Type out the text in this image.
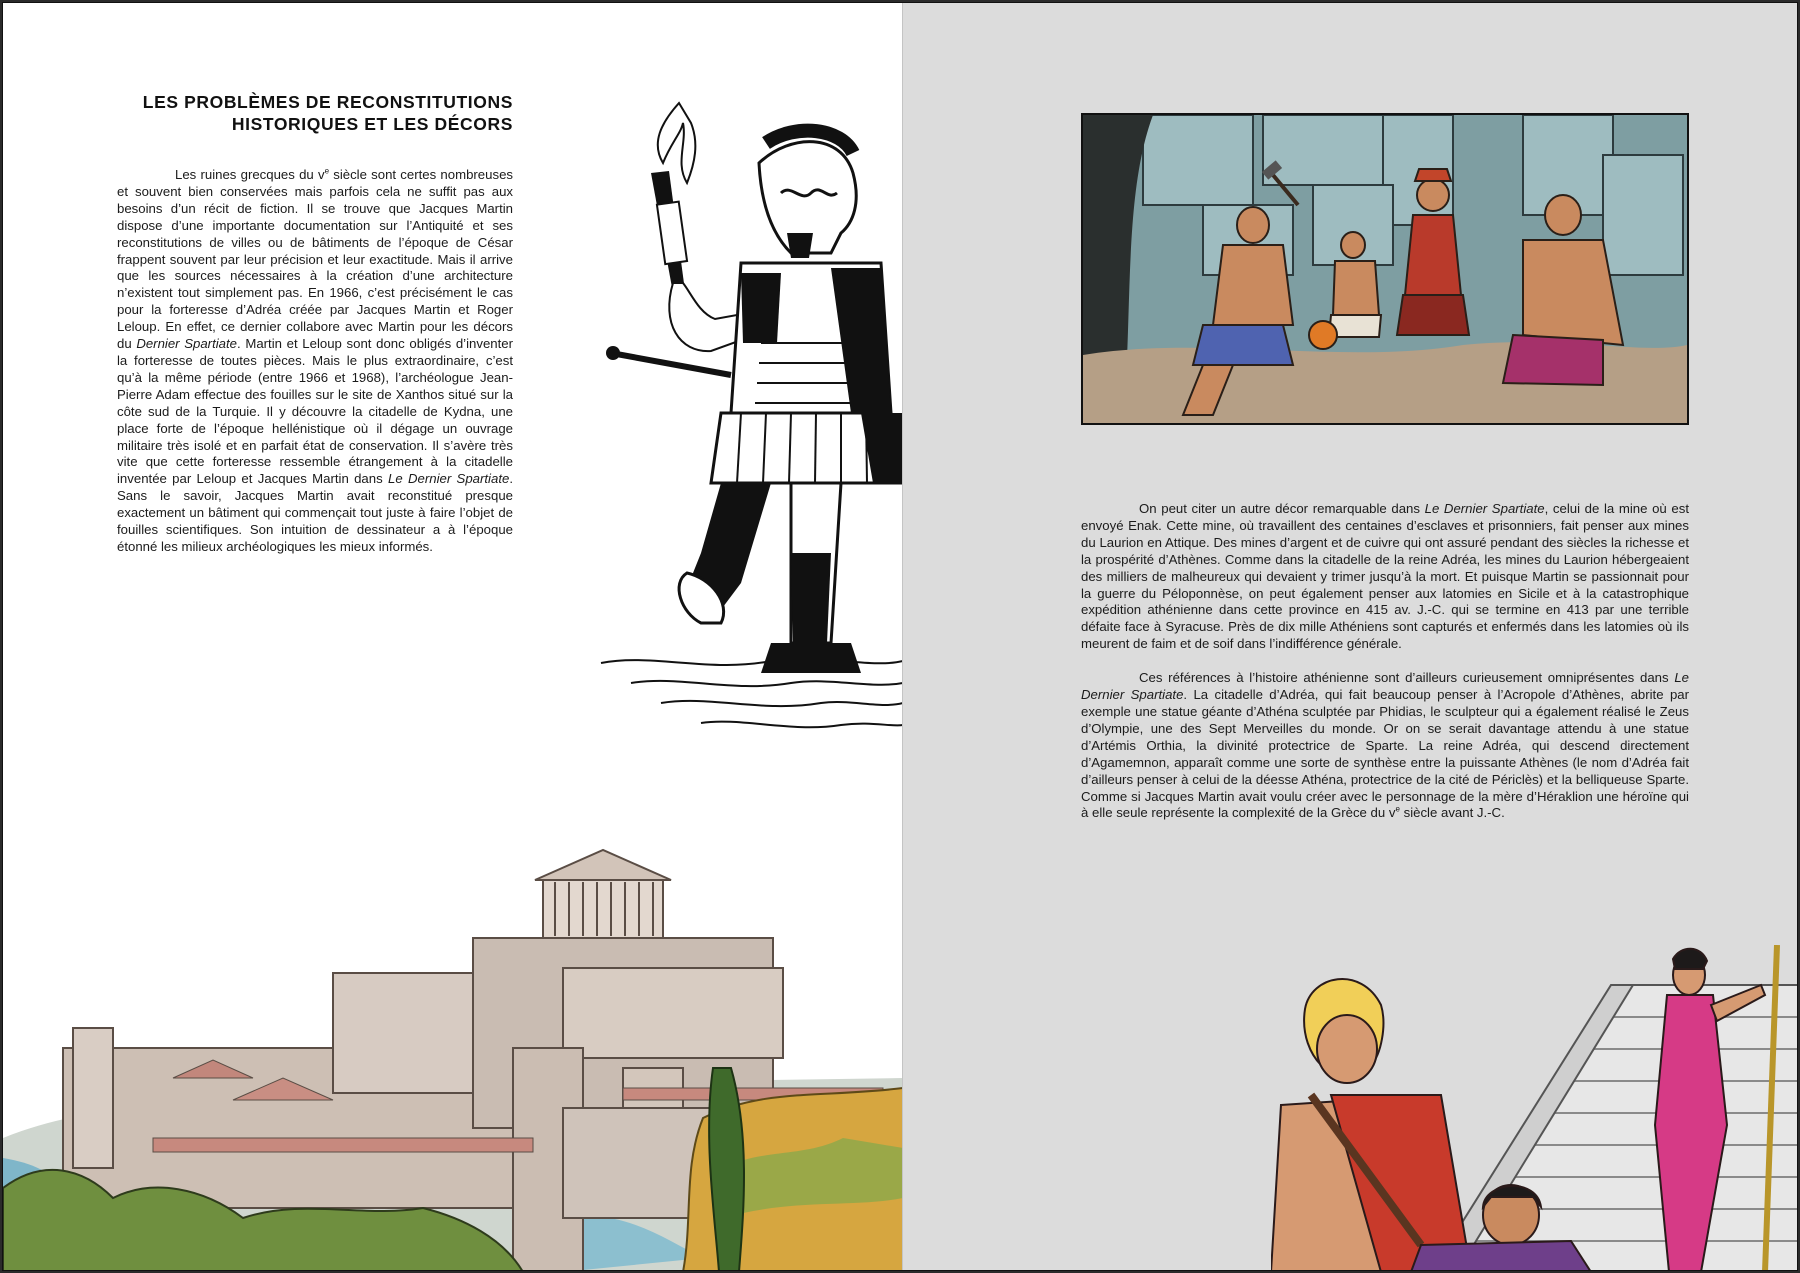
LES PROBLÈMES DE RECONSTITUTIONS
HISTORIQUES ET LES DÉCORS

Les ruines grecques du $v^e$ siècle sont certes nombreuses et souvent bien conservées mais parfois cela ne suffit pas aux besoins d’un récit de fiction. Il se trouve que Jacques Martin dispose d’une importante documentation sur l’Antiquité et ses reconstitutions de villes ou de bâtiments de l’époque de César frappent souvent par leur précision et leur exactitude. Mais il arrive que les sources nécessaires à la création d’une architecture n’existent tout simplement pas. En 1966, c’est précisément le cas pour la forteresse d’Adréa créée par Jacques Martin et Roger Leloup. En effet, ce dernier collabore avec Martin pour les décors du Dernier Spartiate. Martin et Leloup sont donc obligés d’inventer la forteresse de toutes pièces. Mais le plus extraordinaire, c’est qu’à la même période (entre 1966 et 1968), l’archéologue Jean-Pierre Adam effectue des fouilles sur le site de Xanthos situé sur la côte sud de la Turquie. Il y découvre la citadelle de Kydna, une place forte de l’époque hellénistique où il dégage un ouvrage militaire très isolé et en parfait état de conservation. Il s’avère très vite que cette forteresse ressemble étrangement à la citadelle inventée par Leloup et Jacques Martin dans Le Dernier Spartiate. Sans le savoir, Jacques Martin avait reconstitué presque exactement un bâtiment qui commençait tout juste à faire l’objet de fouilles scientifiques. Son intuition de dessinateur a à l’époque étonné les milieux archéologiques les mieux informés.

On peut citer un autre décor remarquable dans Le Dernier Spartiate, celui de la mine où est envoyé Enak. Cette mine, où travaillent des centaines d’esclaves et prisonniers, fait penser aux mines du Laurion en Attique. Des mines d’argent et de cuivre qui ont assuré pendant des siècles la richesse et la prospérité d’Athènes. Comme dans la citadelle de la reine Adréa, les mines du Laurion hébergeaient des milliers de malheureux qui devaient y trimer jusqu’à la mort. Et puisque Martin se passionnait pour la guerre du Péloponnèse, on peut également penser aux latomies en Sicile et à la catastrophique expédition athénienne dans cette province en 415 av. J.-C. qui se termine en 413 par une terrible défaite face à Syracuse. Près de dix mille Athéniens sont capturés et enfermés dans les latomies où ils meurent de faim et de soif dans l’indifférence générale.
Ces références à l’histoire athénienne sont d’ailleurs curieusement omniprésentes dans Le Dernier Spartiate. La citadelle d’Adréa, qui fait beaucoup penser à l’Acropole d’Athènes, abrite par exemple une statue géante d’Athéna sculptée par Phidias, le sculpteur qui a également réalisé le Zeus d’Olympie, une des Sept Merveilles du monde. Or on se serait davantage attendu à une statue d’Artémis Orthia, la divinité protectrice de Sparte. La reine Adréa, qui descend directement d’Agamemnon, apparaît comme une sorte de synthèse entre la puissante Athènes (le nom d’Adréa fait d’ailleurs penser à celui de la déesse Athéna, protectrice de la cité de Périclès) et la belliqueuse Sparte. Comme si Jacques Martin avait voulu créer avec le personnage de la mère d’Héraklion une héroïne qui à elle seule représente la complexité de la Grèce du $v^e$ siècle avant J.-C.
